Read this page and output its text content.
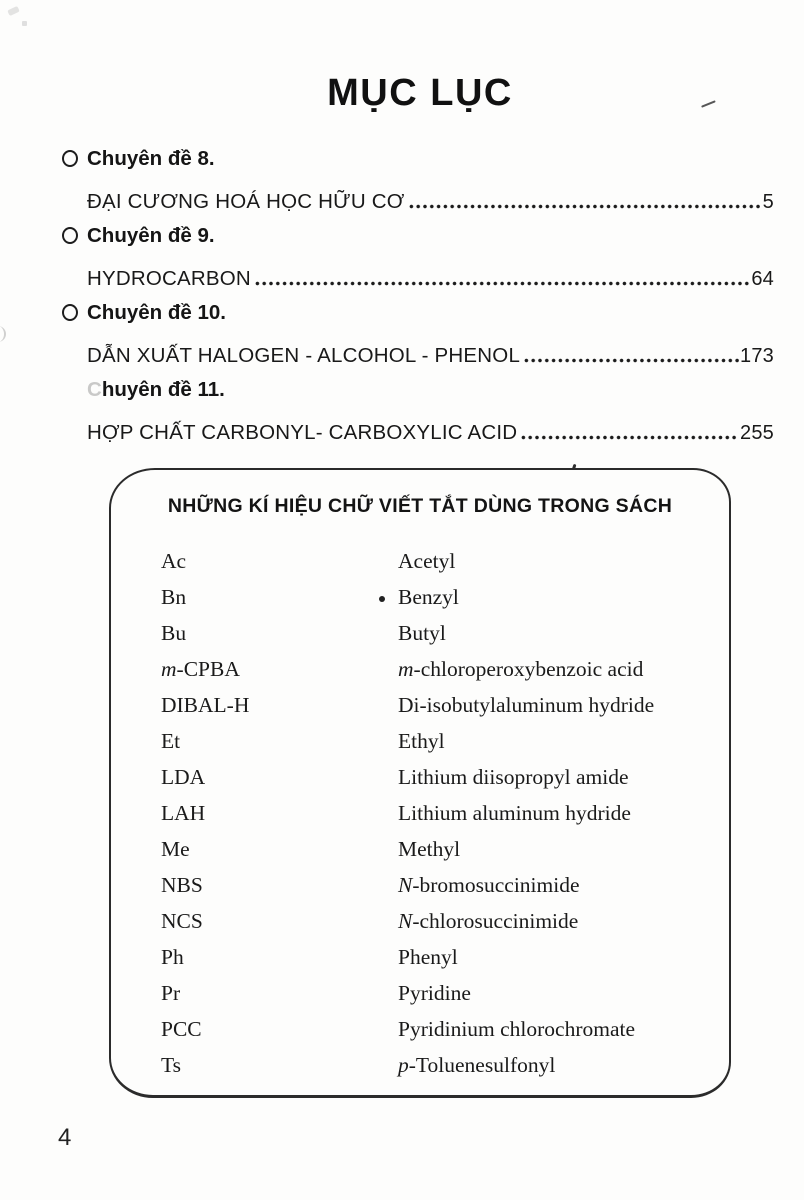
MỤC LỤC
Chuyên đề 8.
ĐẠI CƯƠNG HOÁ HỌC HỮU CƠ	5
Chuyên đề 9.
HYDROCARBON	64
Chuyên đề 10.
DẪN XUẤT HALOGEN - ALCOHOL - PHENOL	173
Chuyên đề 11.
HỢP CHẤT CARBONYL- CARBOXYLIC ACID	255
NHỮNG KÍ HIỆU CHỮ VIẾT TẮT DÙNG TRONG SÁCH
Ac	Acetyl
Bn	Benzyl
Bu	Butyl
m-CPBA	m-chloroperoxybenzoic acid
DIBAL-H	Di-isobutylaluminum hydride
Et	Ethyl
LDA	Lithium diisopropyl amide
LAH	Lithium aluminum hydride
Me	Methyl
NBS	N-bromosuccinimide
NCS	N-chlorosuccinimide
Ph	Phenyl
Pr	Pyridine
PCC	Pyridinium chlorochromate
Ts	p-Toluenesulfonyl
4
